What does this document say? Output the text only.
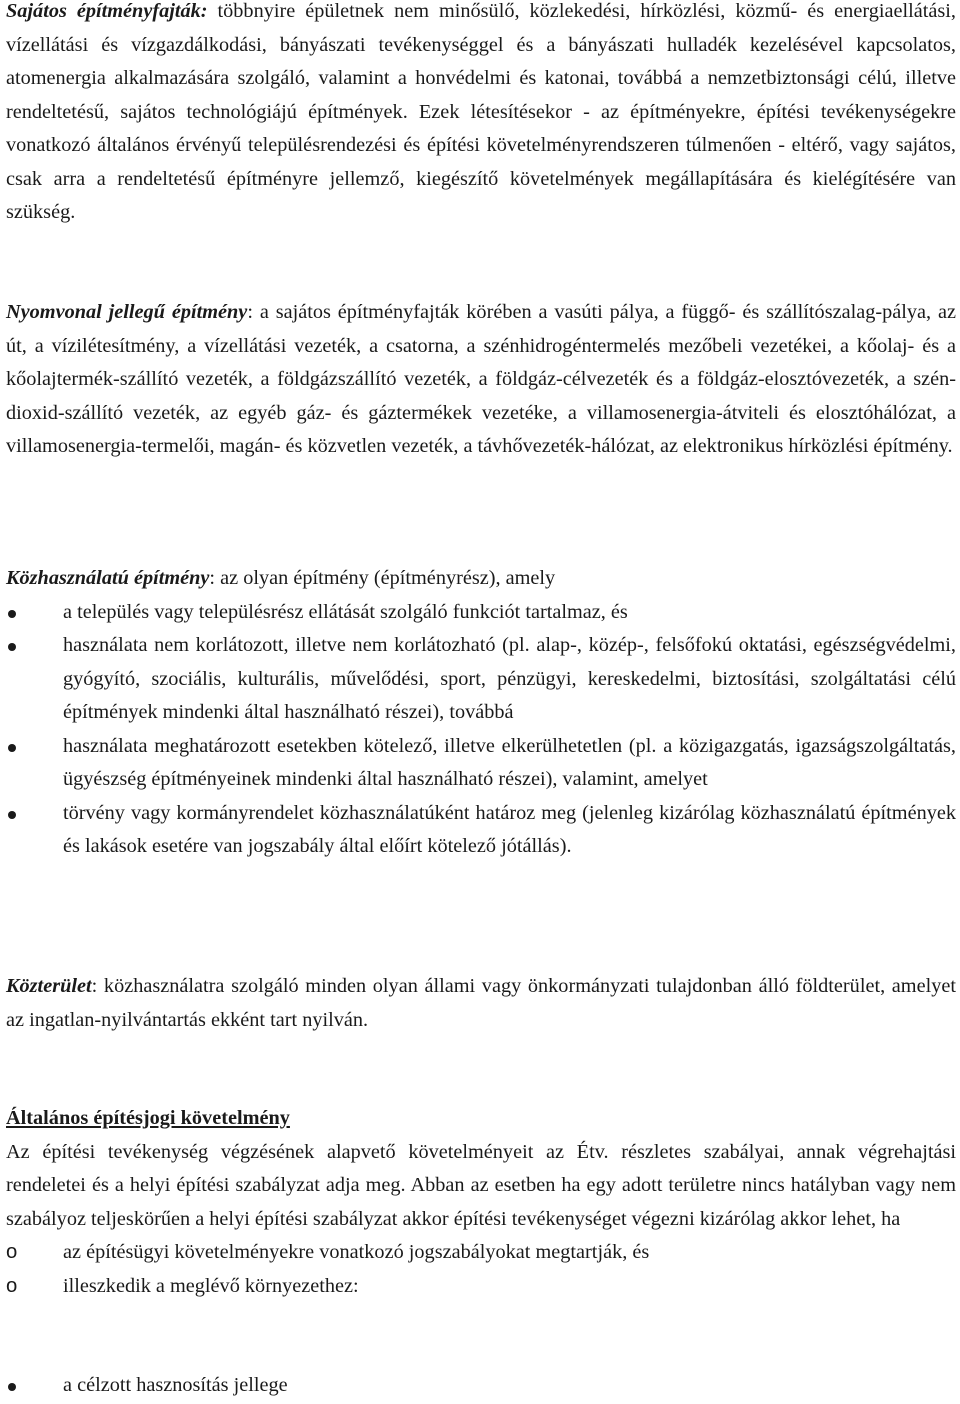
Sajátos építményfajták: többnyire épületnek nem minősülő, közlekedési, hírközlési, közmű- és energiaellátási, vízellátási és vízgazdálkodási, bányászati tevékenységgel és a bányászati hulladék kezelésével kapcsolatos, atomenergia alkalmazására szolgáló, valamint a honvédelmi és katonai, továbbá a nemzetbiztonsági célú, illetve rendeltetésű, sajátos technológiájú építmények. Ezek létesítésekor - az építményekre, építési tevékenységekre vonatkozó általános érvényű településrendezési és építési követelményrendszeren túlmenően - eltérő, vagy sajátos, csak arra a rendeltetésű építményre jellemző, kiegészítő követelmények megállapítására és kielégítésére van szükség.

Nyomvonal jellegű építmény: a sajátos építményfajták körében a vasúti pálya, a függő- és szállítószalag-pálya, az út, a vízilétesítmény, a vízellátási vezeték, a csatorna, a szénhidrogéntermelés mezőbeli vezetékei, a kőolaj- és a kőolajtermék-szállító vezeték, a földgázszállító vezeték, a földgáz-célvezeték és a földgáz-elosztóvezeték, a szén-dioxid-szállító vezeték, az egyéb gáz- és gáztermékek vezetéke, a villamosenergia-átviteli és elosztóhálózat, a villamosenergia-termelői, magán- és közvetlen vezeték, a távhővezeték-hálózat, az elektronikus hírközlési építmény.

Közhasználatú építmény: az olyan építmény (építményrész), amely

a település vagy településrész ellátását szolgáló funkciót tartalmaz, és
használata nem korlátozott, illetve nem korlátozható (pl. alap-, közép-, felsőfokú oktatási, egészségvédelmi, gyógyító, szociális, kulturális, művelődési, sport, pénzügyi, kereskedelmi, biztosítási, szolgáltatási célú építmények mindenki által használható részei), továbbá
használata meghatározott esetekben kötelező, illetve elkerülhetetlen (pl. a közigazgatás, igazságszolgáltatás, ügyészség építményeinek mindenki által használható részei), valamint, amelyet
törvény vagy kormányrendelet közhasználatúként határoz meg (jelenleg kizárólag közhasználatú építmények és lakások esetére van jogszabály által előírt kötelező jótállás).

Közterület: közhasználatra szolgáló minden olyan állami vagy önkormányzati tulajdonban álló földterület, amelyet az ingatlan-nyilvántartás ekként tart nyilván.

Általános építésjogi követelmény

Az építési tevékenység végzésének alapvető követelményeit az Étv. részletes szabályai, annak végrehajtási rendeletei és a helyi építési szabályzat adja meg. Abban az esetben ha egy adott területre nincs hatályban vagy nem szabályoz teljeskörűen a helyi építési szabályzat akkor építési tevékenységet végezni kizárólag akkor lehet, ha

o az építésügyi követelményekre vonatkozó jogszabályokat megtartják, és
o illeszkedik a meglévő környezethez:
a célzott hasznosítás jellege
